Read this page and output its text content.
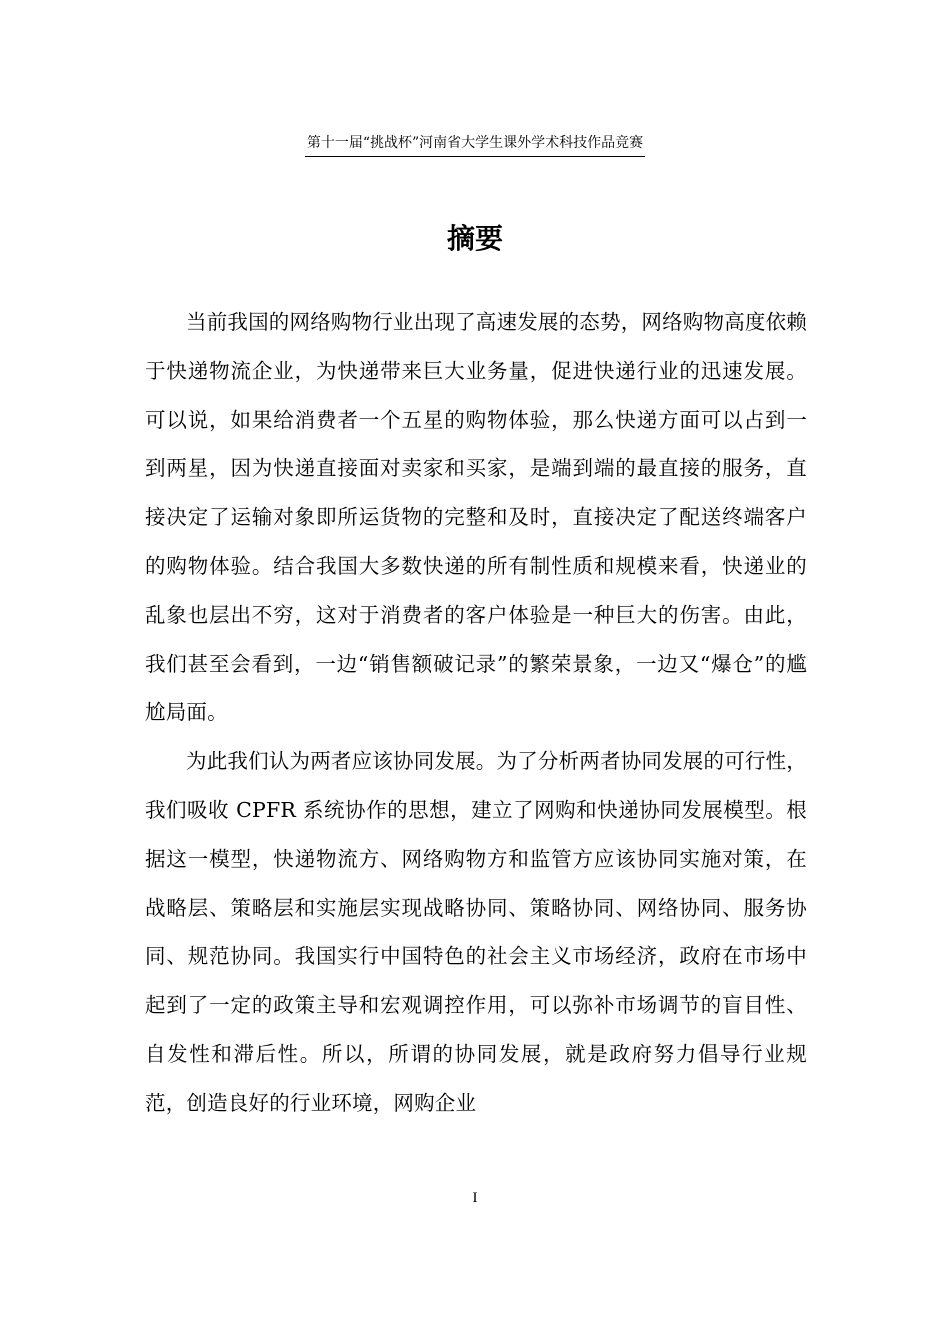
第十一届“挑战杯”河南省大学生课外学术科技作品竞赛
摘要

当前我国的网络购物行业出现了高速发展的态势，网络购物高度依赖于快递物流企业，为快递带来巨大业务量，促进快递行业的迅速发展。可以说，如果给消费者一个五星的购物体验，那么快递方面可以占到一到两星，因为快递直接面对卖家和买家，是端到端的最直接的服务，直接决定了运输对象即所运货物的完整和及时，直接决定了配送终端客户的购物体验。结合我国大多数快递的所有制性质和规模来看，快递业的乱象也层出不穷，这对于消费者的客户体验是一种巨大的伤害。由此，我们甚至会看到，一边“销售额破记录”的繁荣景象，一边又“爆仓”的尴尬局面。

为此我们认为两者应该协同发展。为了分析两者协同发展的可行性，我们吸收 CPFR 系统协作的思想，建立了网购和快递协同发展模型。根据这一模型，快递物流方、网络购物方和监管方应该协同实施对策，在战略层、策略层和实施层实现战略协同、策略协同、网络协同、服务协同、规范协同。我国实行中国特色的社会主义市场经济，政府在市场中起到了一定的政策主导和宏观调控作用，可以弥补市场调节的盲目性、自发性和滞后性。所以，所谓的协同发展，就是政府努力倡导行业规范，创造良好的行业环境，网购企业

I
